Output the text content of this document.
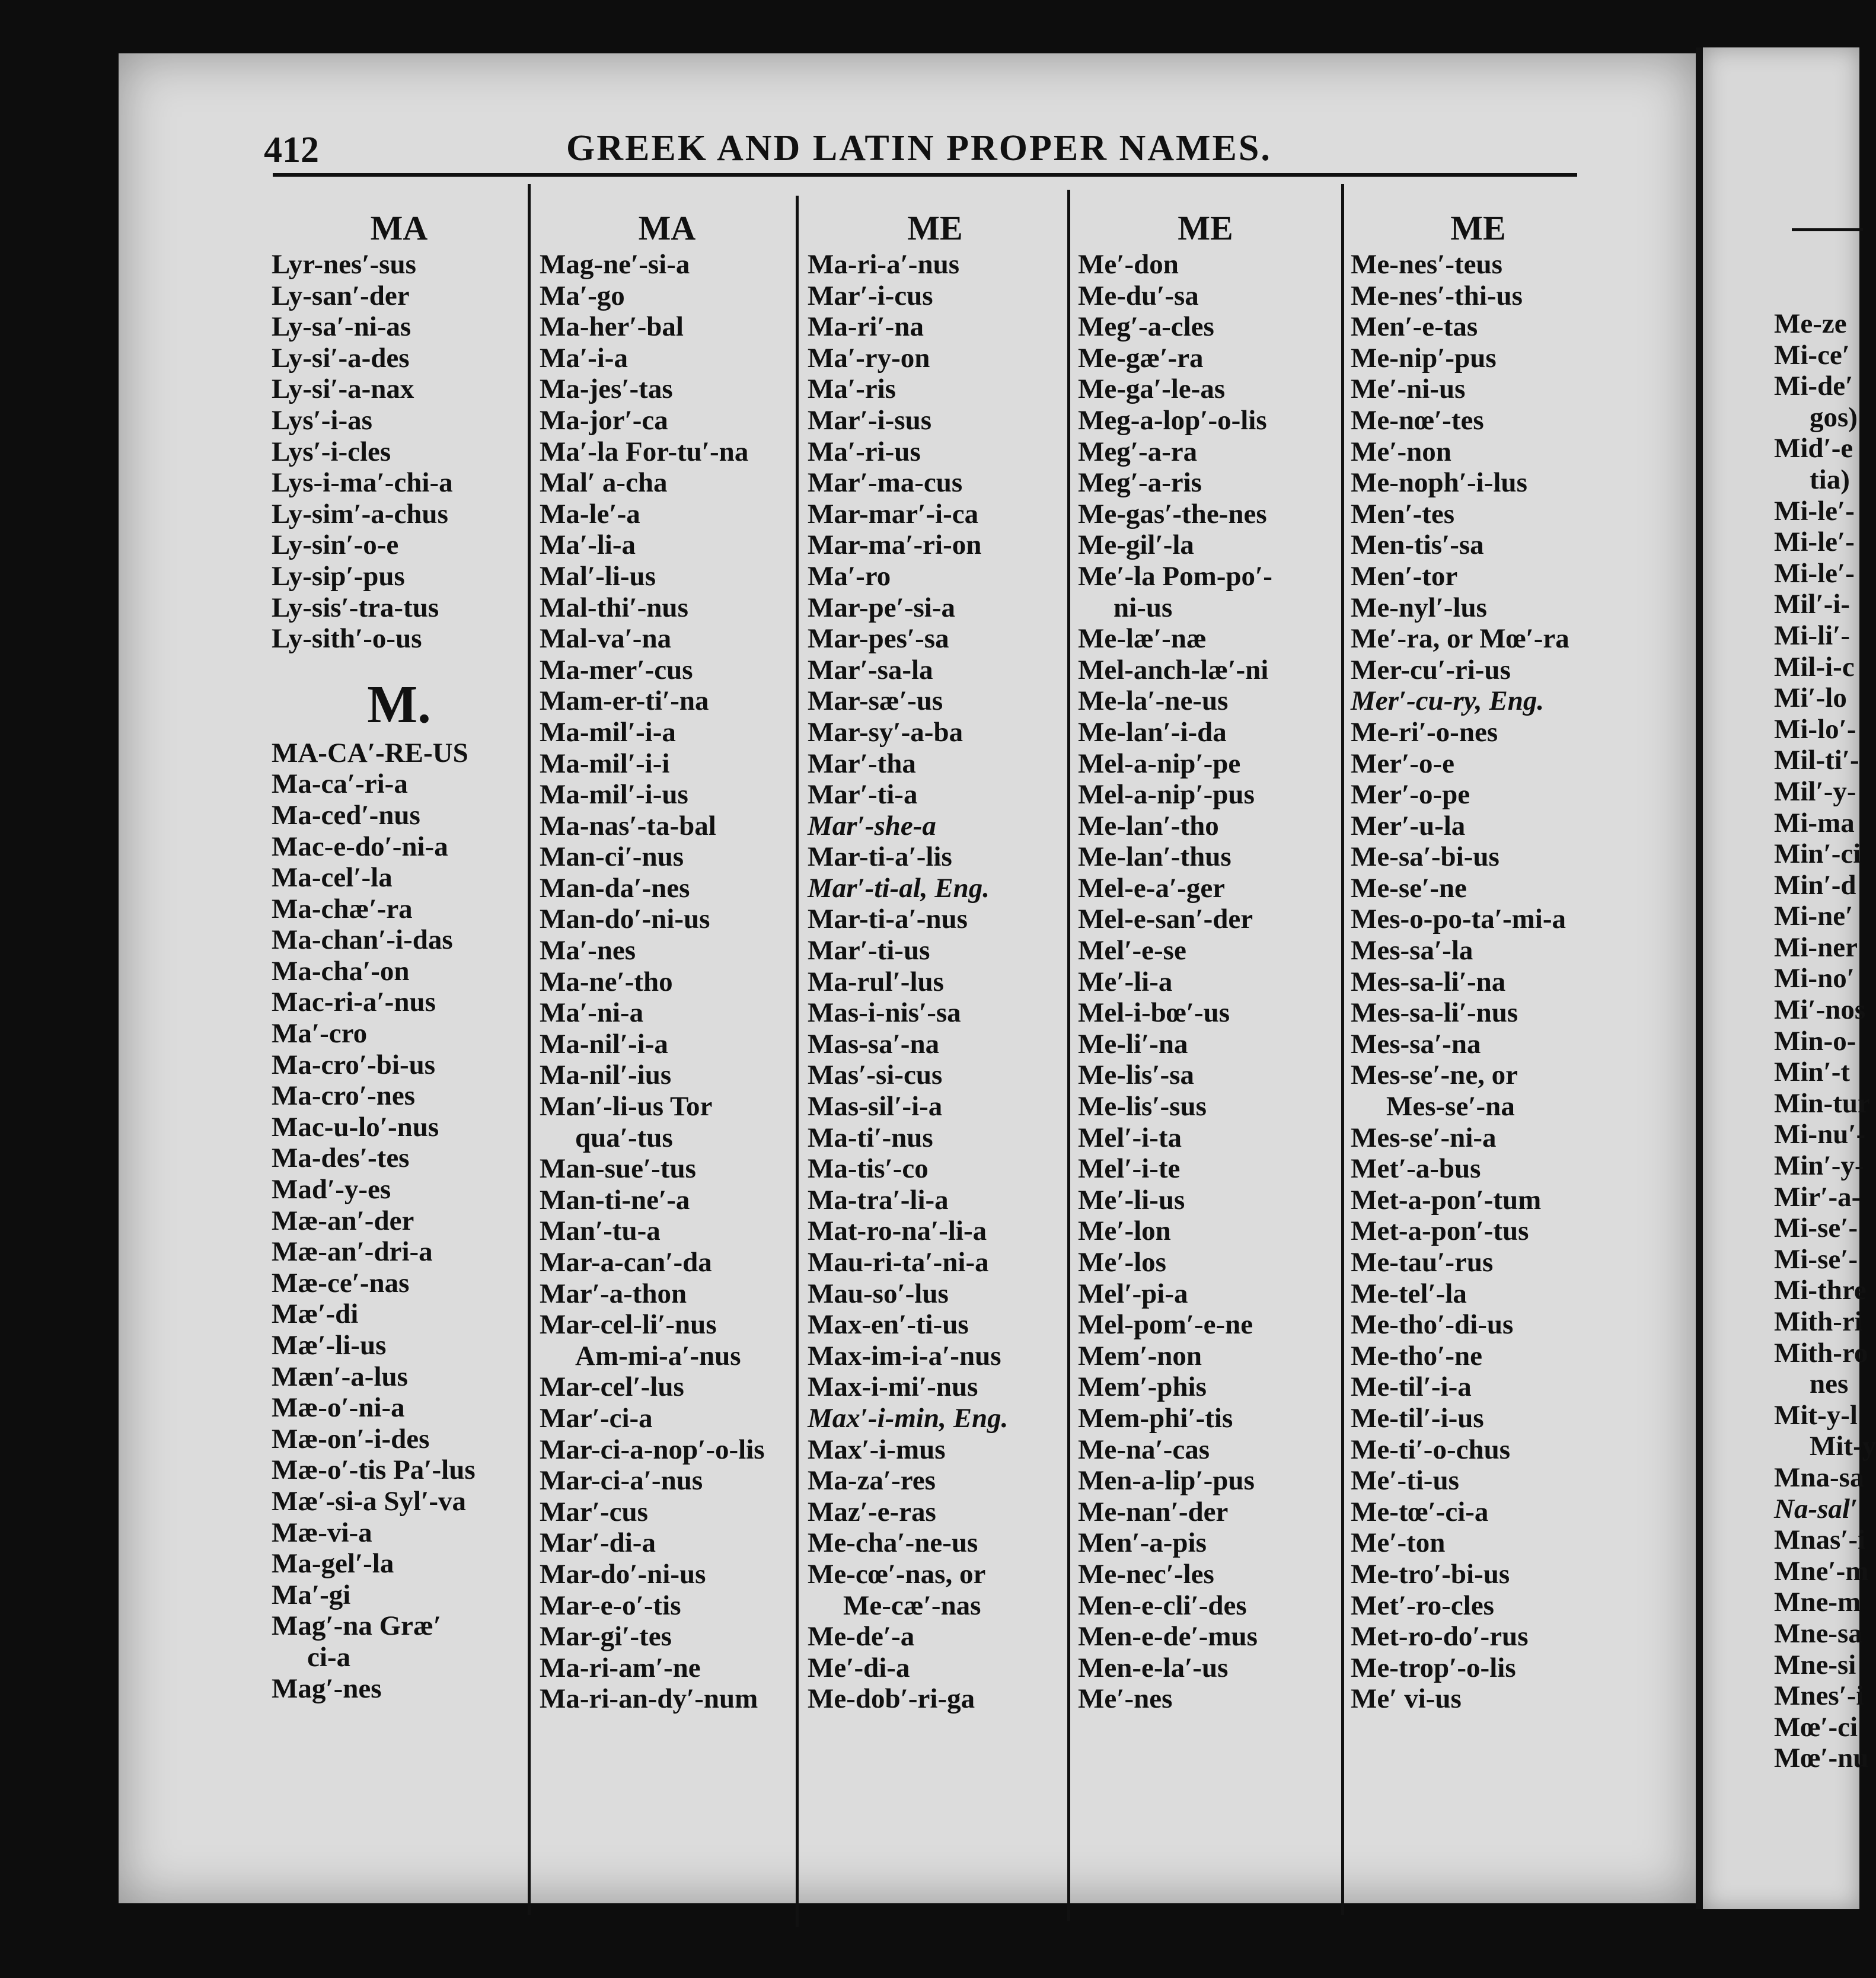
Me-ze
Mi-ce′
Mi-de′
gos)
Mid′-e
tia)
Mi-le′-
Mi-le′-
Mi-le′-
Mil′-i-
Mi-li′-
Mil-i-c
Mi′-lo
Mi-lo′-
Mil-ti′-
Mil′-y-
Mi-ma
Min′-ci
Min′-d
Mi-ne′
Mi-ner
Mi-no′
Mi′-nos
Min-o-
Min′-t
Min-tur
Mi-nu′-
Min′-y-
Mir′-a-
Mi-se′-
Mi-se′-
Mi-thre
Mith-ri
Mith-ro
nes
Mit-y-l
Mit-y
Mna-sa
Na-sal′
Mnas′-i
Mne′-m
Mne-m
Mne-sa
Mne-si
Mnes′-i
Mœ′-ci
Mœ′-nu
412	GREEK AND LATIN PROPER NAMES.
MA
Lyr-nes′-sus
Ly-san′-der
Ly-sa′-ni-as
Ly-si′-a-des
Ly-si′-a-nax
Lys′-i-as
Lys′-i-cles
Lys-i-ma′-chi-a
Ly-sim′-a-chus
Ly-sin′-o-e
Ly-sip′-pus
Ly-sis′-tra-tus
Ly-sith′-o-us
M.
MA-CA′-RE-US
Ma-ca′-ri-a
Ma-ced′-nus
Mac-e-do′-ni-a
Ma-cel′-la
Ma-chæ′-ra
Ma-chan′-i-das
Ma-cha′-on
Mac-ri-a′-nus
Ma′-cro
Ma-cro′-bi-us
Ma-cro′-nes
Mac-u-lo′-nus
Ma-des′-tes
Mad′-y-es
Mæ-an′-der
Mæ-an′-dri-a
Mæ-ce′-nas
Mæ′-di
Mæ′-li-us
Mæn′-a-lus
Mæ-o′-ni-a
Mæ-on′-i-des
Mæ-o′-tis Pa′-lus
Mæ′-si-a Syl′-va
Mæ-vi-a
Ma-gel′-la
Ma′-gi
Mag′-na Græ′
ci-a
Mag′-nes
MA
Mag-ne′-si-a
Ma′-go
Ma-her′-bal
Ma′-i-a
Ma-jes′-tas
Ma-jor′-ca
Ma′-la For-tu′-na
Mal′ a-cha
Ma-le′-a
Ma′-li-a
Mal′-li-us
Mal-thi′-nus
Mal-va′-na
Ma-mer′-cus
Mam-er-ti′-na
Ma-mil′-i-a
Ma-mil′-i-i
Ma-mil′-i-us
Ma-nas′-ta-bal
Man-ci′-nus
Man-da′-nes
Man-do′-ni-us
Ma′-nes
Ma-ne′-tho
Ma′-ni-a
Ma-nil′-i-a
Ma-nil′-ius
Man′-li-us Tor
qua′-tus
Man-sue′-tus
Man-ti-ne′-a
Man′-tu-a
Mar-a-can′-da
Mar′-a-thon
Mar-cel-li′-nus
Am-mi-a′-nus
Mar-cel′-lus
Mar′-ci-a
Mar-ci-a-nop′-o-lis
Mar-ci-a′-nus
Mar′-cus
Mar′-di-a
Mar-do′-ni-us
Mar-e-o′-tis
Mar-gi′-tes
Ma-ri-am′-ne
Ma-ri-an-dy′-num
ME
Ma-ri-a′-nus
Mar′-i-cus
Ma-ri′-na
Ma′-ry-on
Ma′-ris
Mar′-i-sus
Ma′-ri-us
Mar′-ma-cus
Mar-mar′-i-ca
Mar-ma′-ri-on
Ma′-ro
Mar-pe′-si-a
Mar-pes′-sa
Mar′-sa-la
Mar-sæ′-us
Mar-sy′-a-ba
Mar′-tha
Mar′-ti-a
Mar′-she-a
Mar-ti-a′-lis
Mar′-ti-al, Eng.
Mar-ti-a′-nus
Mar′-ti-us
Ma-rul′-lus
Mas-i-nis′-sa
Mas-sa′-na
Mas′-si-cus
Mas-sil′-i-a
Ma-ti′-nus
Ma-tis′-co
Ma-tra′-li-a
Mat-ro-na′-li-a
Mau-ri-ta′-ni-a
Mau-so′-lus
Max-en′-ti-us
Max-im-i-a′-nus
Max-i-mi′-nus
Max′-i-min, Eng.
Max′-i-mus
Ma-za′-res
Maz′-e-ras
Me-cha′-ne-us
Me-cœ′-nas, or
Me-cæ′-nas
Me-de′-a
Me′-di-a
Me-dob′-ri-ga
ME
Me′-don
Me-du′-sa
Meg′-a-cles
Me-gæ′-ra
Me-ga′-le-as
Meg-a-lop′-o-lis
Meg′-a-ra
Meg′-a-ris
Me-gas′-the-nes
Me-gil′-la
Me′-la Pom-po′-
ni-us
Me-læ′-næ
Mel-anch-læ′-ni
Me-la′-ne-us
Me-lan′-i-da
Mel-a-nip′-pe
Mel-a-nip′-pus
Me-lan′-tho
Me-lan′-thus
Mel-e-a′-ger
Mel-e-san′-der
Mel′-e-se
Me′-li-a
Mel-i-bœ′-us
Me-li′-na
Me-lis′-sa
Me-lis′-sus
Mel′-i-ta
Mel′-i-te
Me′-li-us
Me′-lon
Me′-los
Mel′-pi-a
Mel-pom′-e-ne
Mem′-non
Mem′-phis
Mem-phi′-tis
Me-na′-cas
Men-a-lip′-pus
Me-nan′-der
Men′-a-pis
Me-nec′-les
Men-e-cli′-des
Men-e-de′-mus
Men-e-la′-us
Me′-nes
ME
Me-nes′-teus
Me-nes′-thi-us
Men′-e-tas
Me-nip′-pus
Me′-ni-us
Me-nœ′-tes
Me′-non
Me-noph′-i-lus
Men′-tes
Men-tis′-sa
Men′-tor
Me-nyl′-lus
Me′-ra, or Mœ′-ra
Mer-cu′-ri-us
Mer′-cu-ry, Eng.
Me-ri′-o-nes
Mer′-o-e
Mer′-o-pe
Mer′-u-la
Me-sa′-bi-us
Me-se′-ne
Mes-o-po-ta′-mi-a
Mes-sa′-la
Mes-sa-li′-na
Mes-sa-li′-nus
Mes-sa′-na
Mes-se′-ne, or
Mes-se′-na
Mes-se′-ni-a
Met′-a-bus
Met-a-pon′-tum
Met-a-pon′-tus
Me-tau′-rus
Me-tel′-la
Me-tho′-di-us
Me-tho′-ne
Me-til′-i-a
Me-til′-i-us
Me-ti′-o-chus
Me′-ti-us
Me-tœ′-ci-a
Me′-ton
Me-tro′-bi-us
Met′-ro-cles
Met-ro-do′-rus
Me-trop′-o-lis
Me′ vi-us
